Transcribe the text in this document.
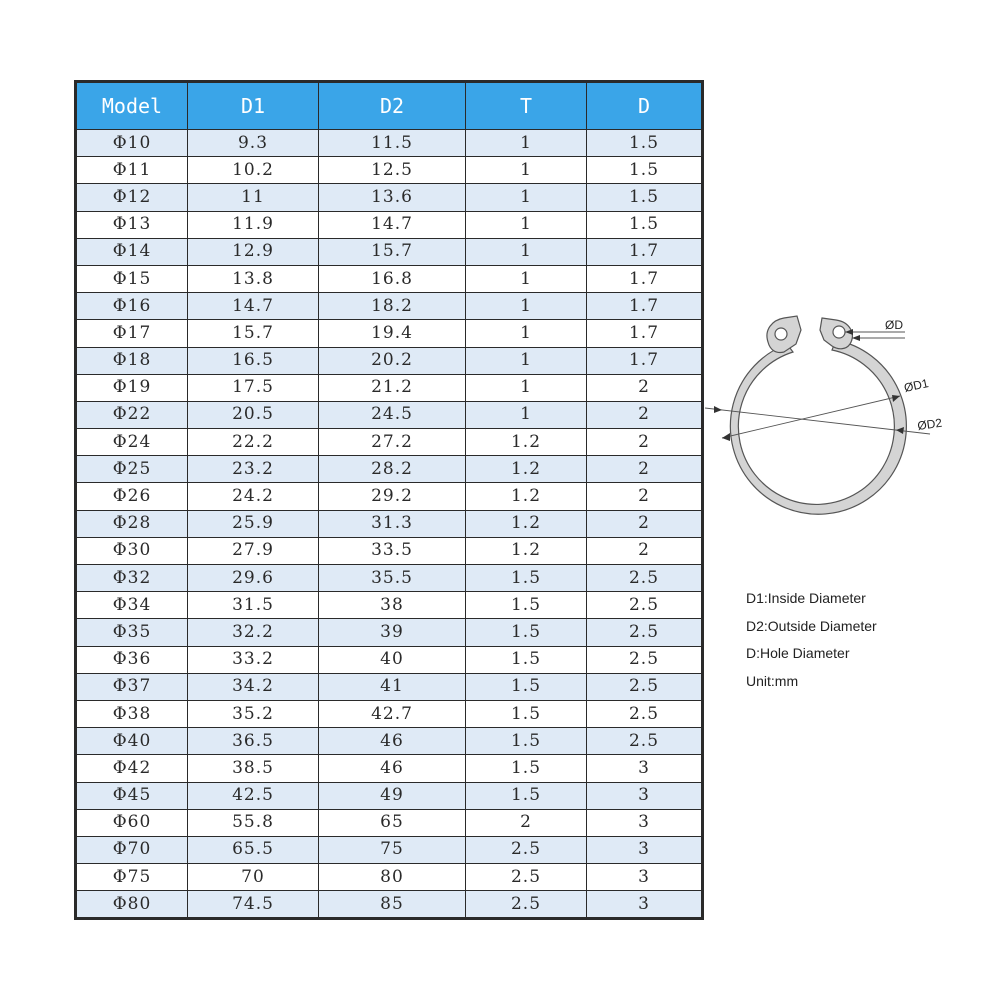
Model	D1	D2	T	D
Φ10	9.3	11.5	1	1.5
Φ11	10.2	12.5	1	1.5
Φ12	11	13.6	1	1.5
Φ13	11.9	14.7	1	1.5
Φ14	12.9	15.7	1	1.7
Φ15	13.8	16.8	1	1.7
Φ16	14.7	18.2	1	1.7
Φ17	15.7	19.4	1	1.7
Φ18	16.5	20.2	1	1.7
Φ19	17.5	21.2	1	2
Φ22	20.5	24.5	1	2
Φ24	22.2	27.2	1.2	2
Φ25	23.2	28.2	1.2	2
Φ26	24.2	29.2	1.2	2
Φ28	25.9	31.3	1.2	2
Φ30	27.9	33.5	1.2	2
Φ32	29.6	35.5	1.5	2.5
Φ34	31.5	38	1.5	2.5
Φ35	32.2	39	1.5	2.5
Φ36	33.2	40	1.5	2.5
Φ37	34.2	41	1.5	2.5
Φ38	35.2	42.7	1.5	2.5
Φ40	36.5	46	1.5	2.5
Φ42	38.5	46	1.5	3
Φ45	42.5	49	1.5	3
Φ60	55.8	65	2	3
Φ70	65.5	75	2.5	3
Φ75	70	80	2.5	3
Φ80	74.5	85	2.5	3
ØD
ØD1
ØD2
D1:Inside Diameter
D2:Outside Diameter
D:Hole Diameter
Unit:mm
